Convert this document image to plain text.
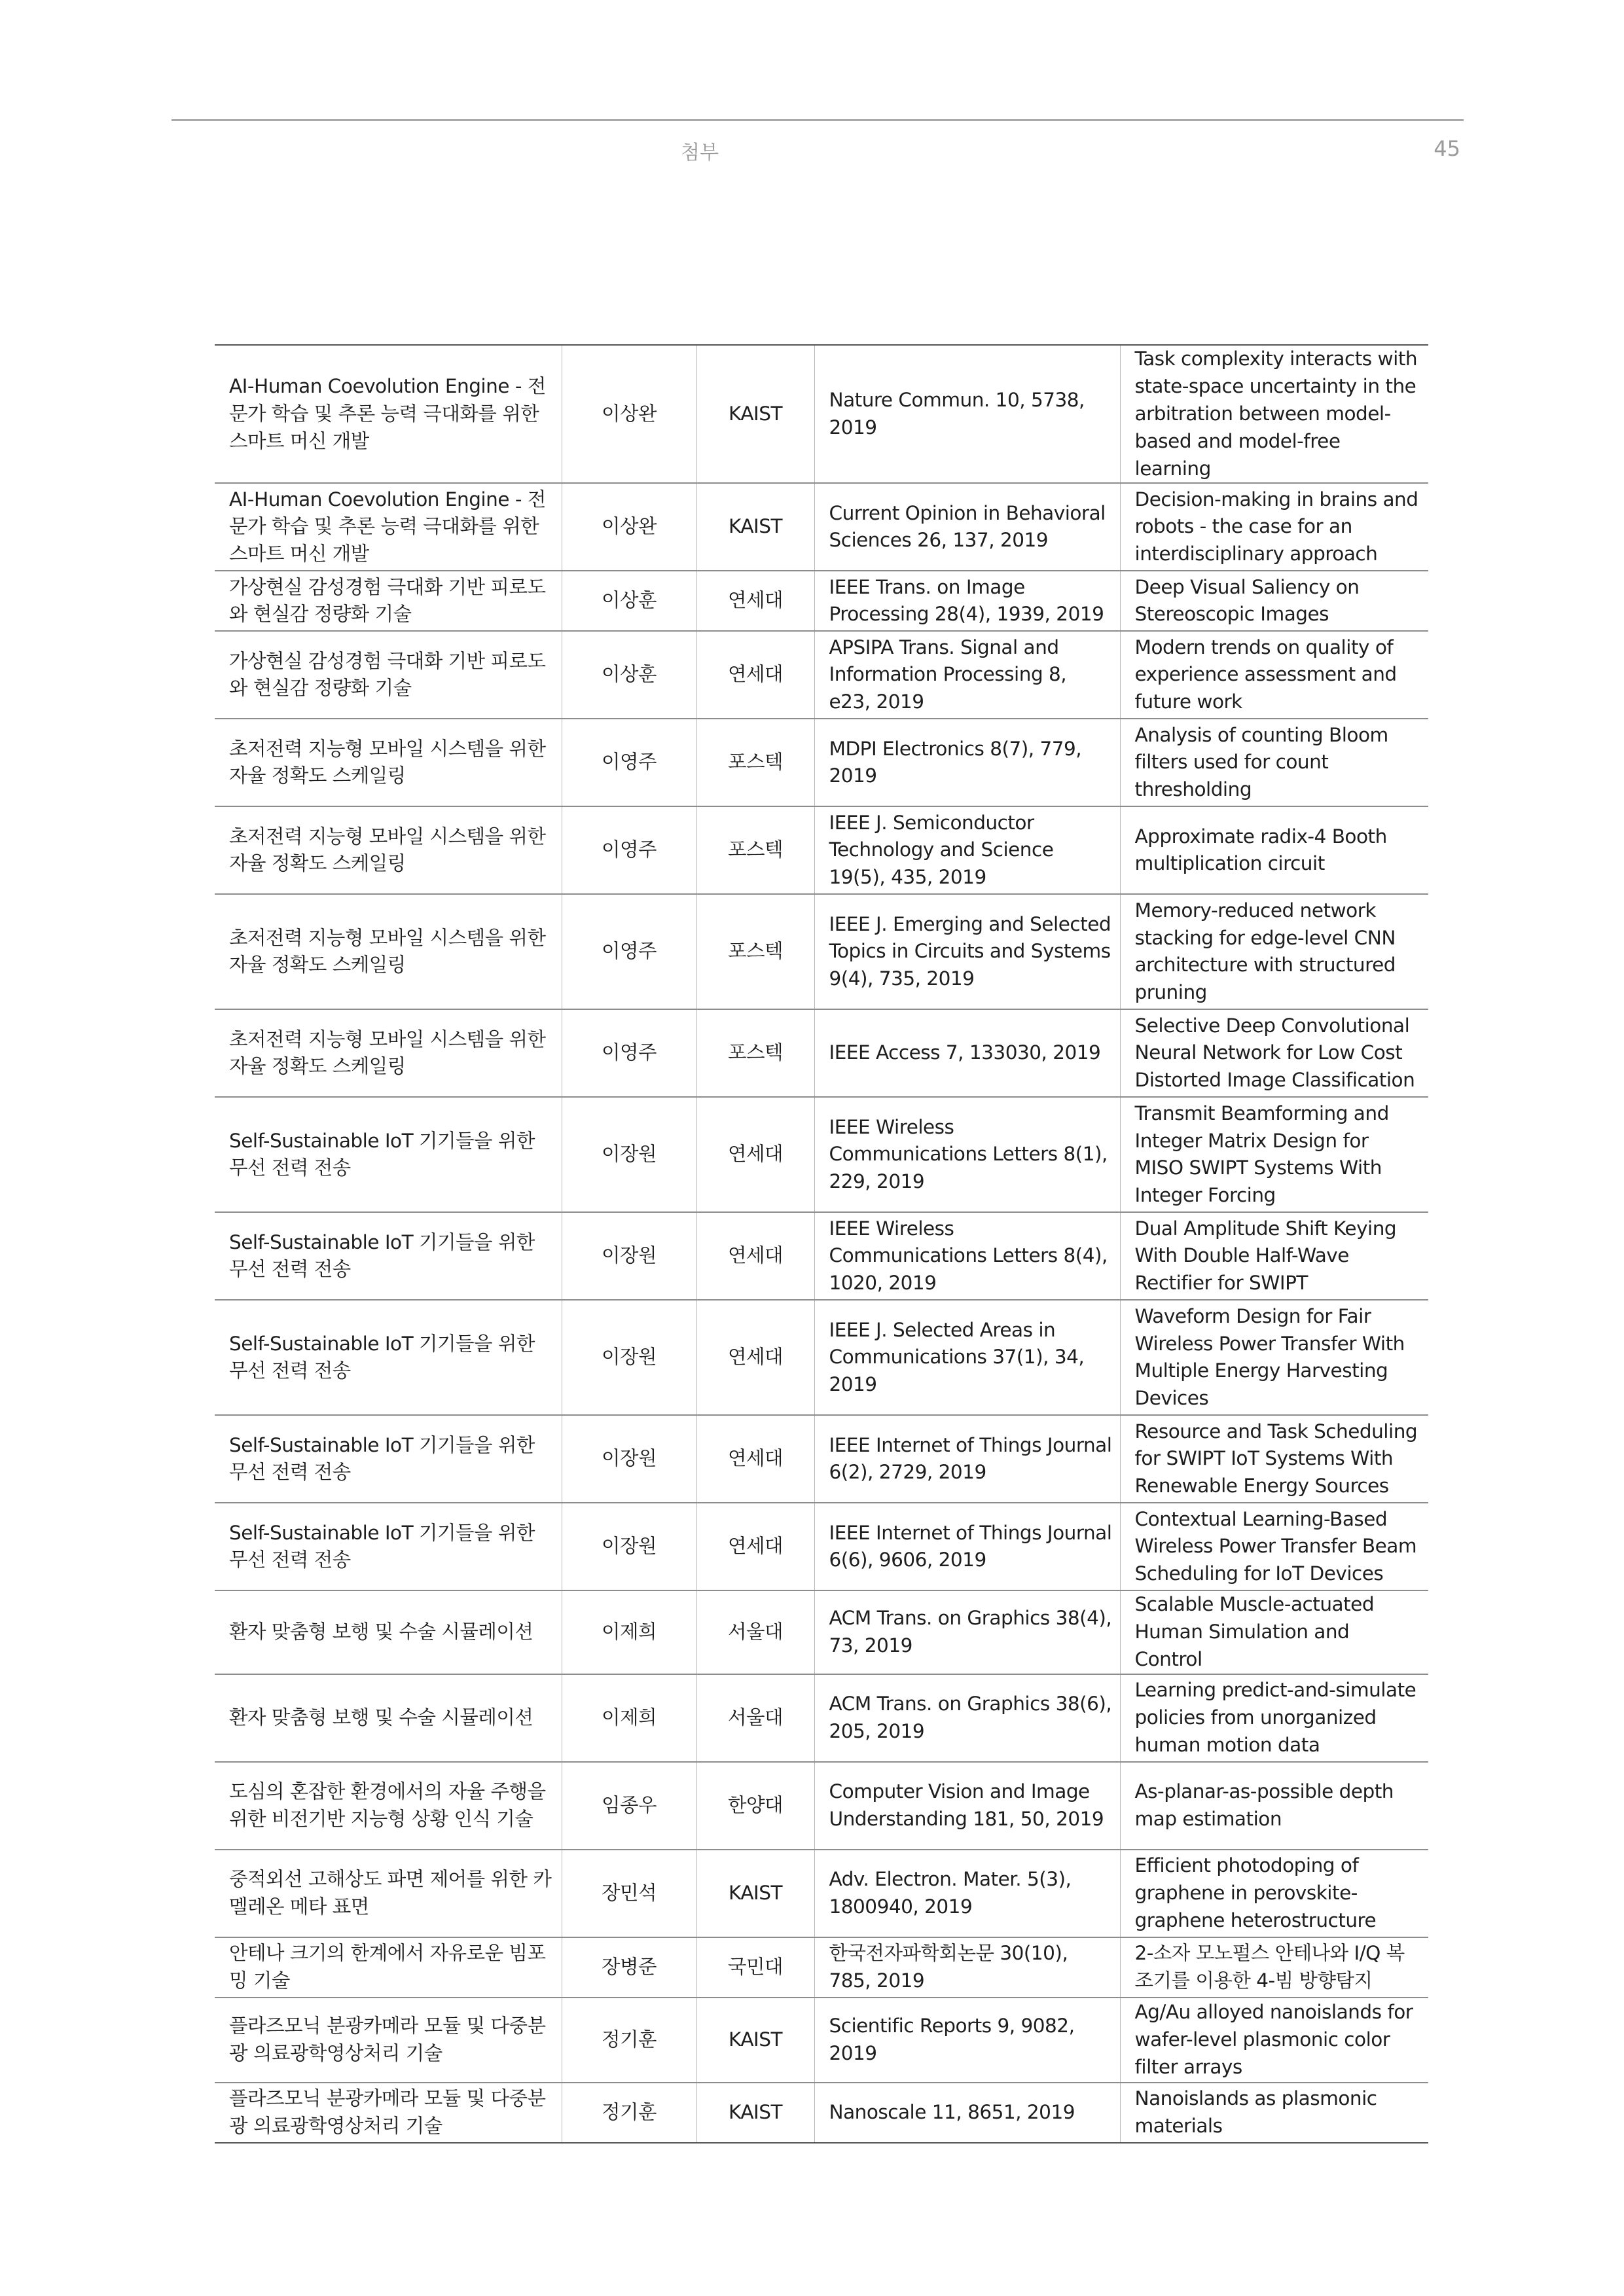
첨부	45
AI-Human Coevolution Engine - 전문가 학습 및 추론 능력 극대화를 위한 스마트 머신 개발	이상완	KAIST	Nature Commun. 10, 5738, 2019	Task complexity interacts with state-space uncertainty in the arbitration between model-based and model-free learning
AI-Human Coevolution Engine - 전문가 학습 및 추론 능력 극대화를 위한 스마트 머신 개발	이상완	KAIST	Current Opinion in Behavioral Sciences 26, 137, 2019	Decision-making in brains and robots - the case for an interdisciplinary approach
가상현실 감성경험 극대화 기반 피로도와 현실감 정량화 기술	이상훈	연세대	IEEE Trans. on Image Processing 28(4), 1939, 2019	Deep Visual Saliency on Stereoscopic Images
가상현실 감성경험 극대화 기반 피로도와 현실감 정량화 기술	이상훈	연세대	APSIPA Trans. Signal and Information Processing 8, e23, 2019	Modern trends on quality of experience assessment and future work
초저전력 지능형 모바일 시스템을 위한 자율 정확도 스케일링	이영주	포스텍	MDPI Electronics 8(7), 779, 2019	Analysis of counting Bloom filters used for count thresholding
초저전력 지능형 모바일 시스템을 위한 자율 정확도 스케일링	이영주	포스텍	IEEE J. Semiconductor Technology and Science 19(5), 435, 2019	Approximate radix-4 Booth multiplication circuit
초저전력 지능형 모바일 시스템을 위한 자율 정확도 스케일링	이영주	포스텍	IEEE J. Emerging and Selected Topics in Circuits and Systems 9(4), 735, 2019	Memory-reduced network stacking for edge-level CNN architecture with structured pruning
초저전력 지능형 모바일 시스템을 위한 자율 정확도 스케일링	이영주	포스텍	IEEE Access 7, 133030, 2019	Selective Deep Convolutional Neural Network for Low Cost Distorted Image Classification
Self-Sustainable IoT 기기들을 위한 무선 전력 전송	이장원	연세대	IEEE Wireless Communications Letters 8(1), 229, 2019	Transmit Beamforming and Integer Matrix Design for MISO SWIPT Systems With Integer Forcing
Self-Sustainable IoT 기기들을 위한 무선 전력 전송	이장원	연세대	IEEE Wireless Communications Letters 8(4), 1020, 2019	Dual Amplitude Shift Keying With Double Half-Wave Rectifier for SWIPT
Self-Sustainable IoT 기기들을 위한 무선 전력 전송	이장원	연세대	IEEE J. Selected Areas in Communications 37(1), 34, 2019	Waveform Design for Fair Wireless Power Transfer With Multiple Energy Harvesting Devices
Self-Sustainable IoT 기기들을 위한 무선 전력 전송	이장원	연세대	IEEE Internet of Things Journal 6(2), 2729, 2019	Resource and Task Scheduling for SWIPT IoT Systems With Renewable Energy Sources
Self-Sustainable IoT 기기들을 위한 무선 전력 전송	이장원	연세대	IEEE Internet of Things Journal 6(6), 9606, 2019	Contextual Learning-Based Wireless Power Transfer Beam Scheduling for IoT Devices
환자 맞춤형 보행 및 수술 시뮬레이션	이제희	서울대	ACM Trans. on Graphics 38(4), 73, 2019	Scalable Muscle-actuated Human Simulation and Control
환자 맞춤형 보행 및 수술 시뮬레이션	이제희	서울대	ACM Trans. on Graphics 38(6), 205, 2019	Learning predict-and-simulate policies from unorganized human motion data
도심의 혼잡한 환경에서의 자율 주행을 위한 비전기반 지능형 상황 인식 기술	임종우	한양대	Computer Vision and Image Understanding 181, 50, 2019	As-planar-as-possible depth map estimation
중적외선 고해상도 파면 제어를 위한 카멜레온 메타 표면	장민석	KAIST	Adv. Electron. Mater. 5(3), 1800940, 2019	Efficient photodoping of graphene in perovskite-graphene heterostructure
안테나 크기의 한계에서 자유로운 빔포밍 기술	장병준	국민대	한국전자파학회논문 30(10), 785, 2019	2-소자 모노펄스 안테나와 I/Q 복조기를 이용한 4-빔 방향탐지
플라즈모닉 분광카메라 모듈 및 다중분광 의료광학영상처리 기술	정기훈	KAIST	Scientific Reports 9, 9082, 2019	Ag/Au alloyed nanoislands for wafer-level plasmonic color filter arrays
플라즈모닉 분광카메라 모듈 및 다중분광 의료광학영상처리 기술	정기훈	KAIST	Nanoscale 11, 8651, 2019	Nanoislands as plasmonic materials
